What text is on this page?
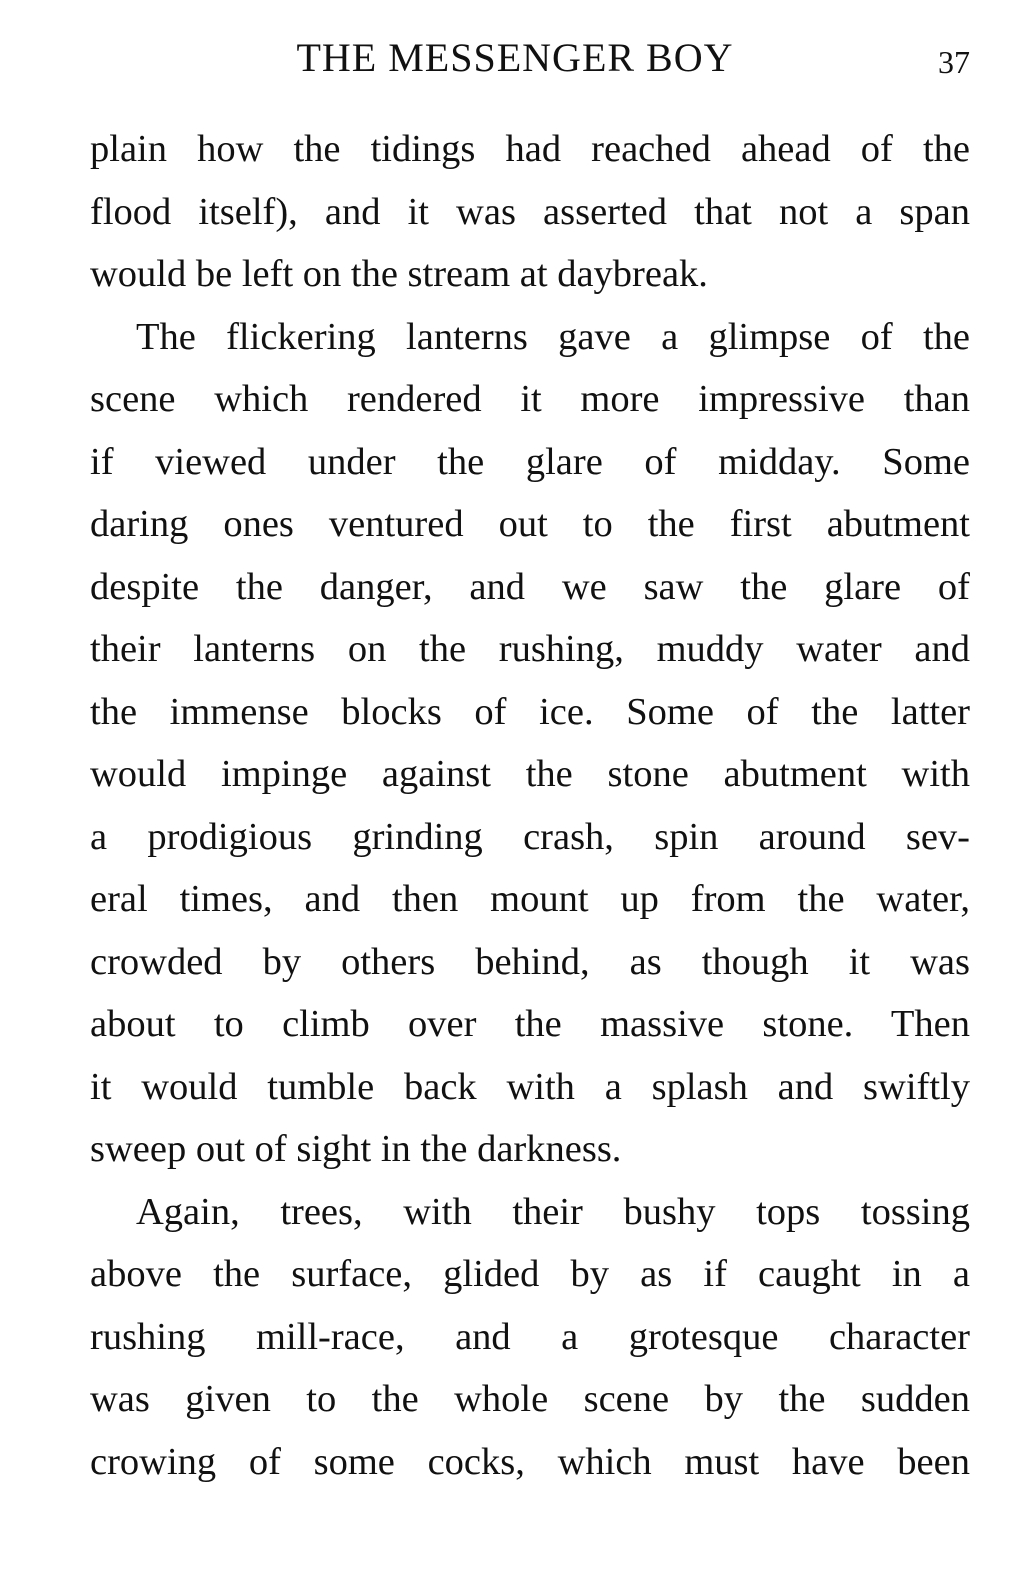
THE MESSENGER BOY	37
plain how the tidings had reached ahead of the
flood itself), and it was asserted that not a span
would be left on the stream at daybreak.
The flickering lanterns gave a glimpse of the
scene which rendered it more impressive than
if viewed under the glare of midday. Some
daring ones ventured out to the first abutment
despite the danger, and we saw the glare of
their lanterns on the rushing, muddy water and
the immense blocks of ice. Some of the latter
would impinge against the stone abutment with
a prodigious grinding crash, spin around sev-
eral times, and then mount up from the water,
crowded by others behind, as though it was
about to climb over the massive stone. Then
it would tumble back with a splash and swiftly
sweep out of sight in the darkness.
Again, trees, with their bushy tops tossing
above the surface, glided by as if caught in a
rushing mill-race, and a grotesque character
was given to the whole scene by the sudden
crowing of some cocks, which must have been
